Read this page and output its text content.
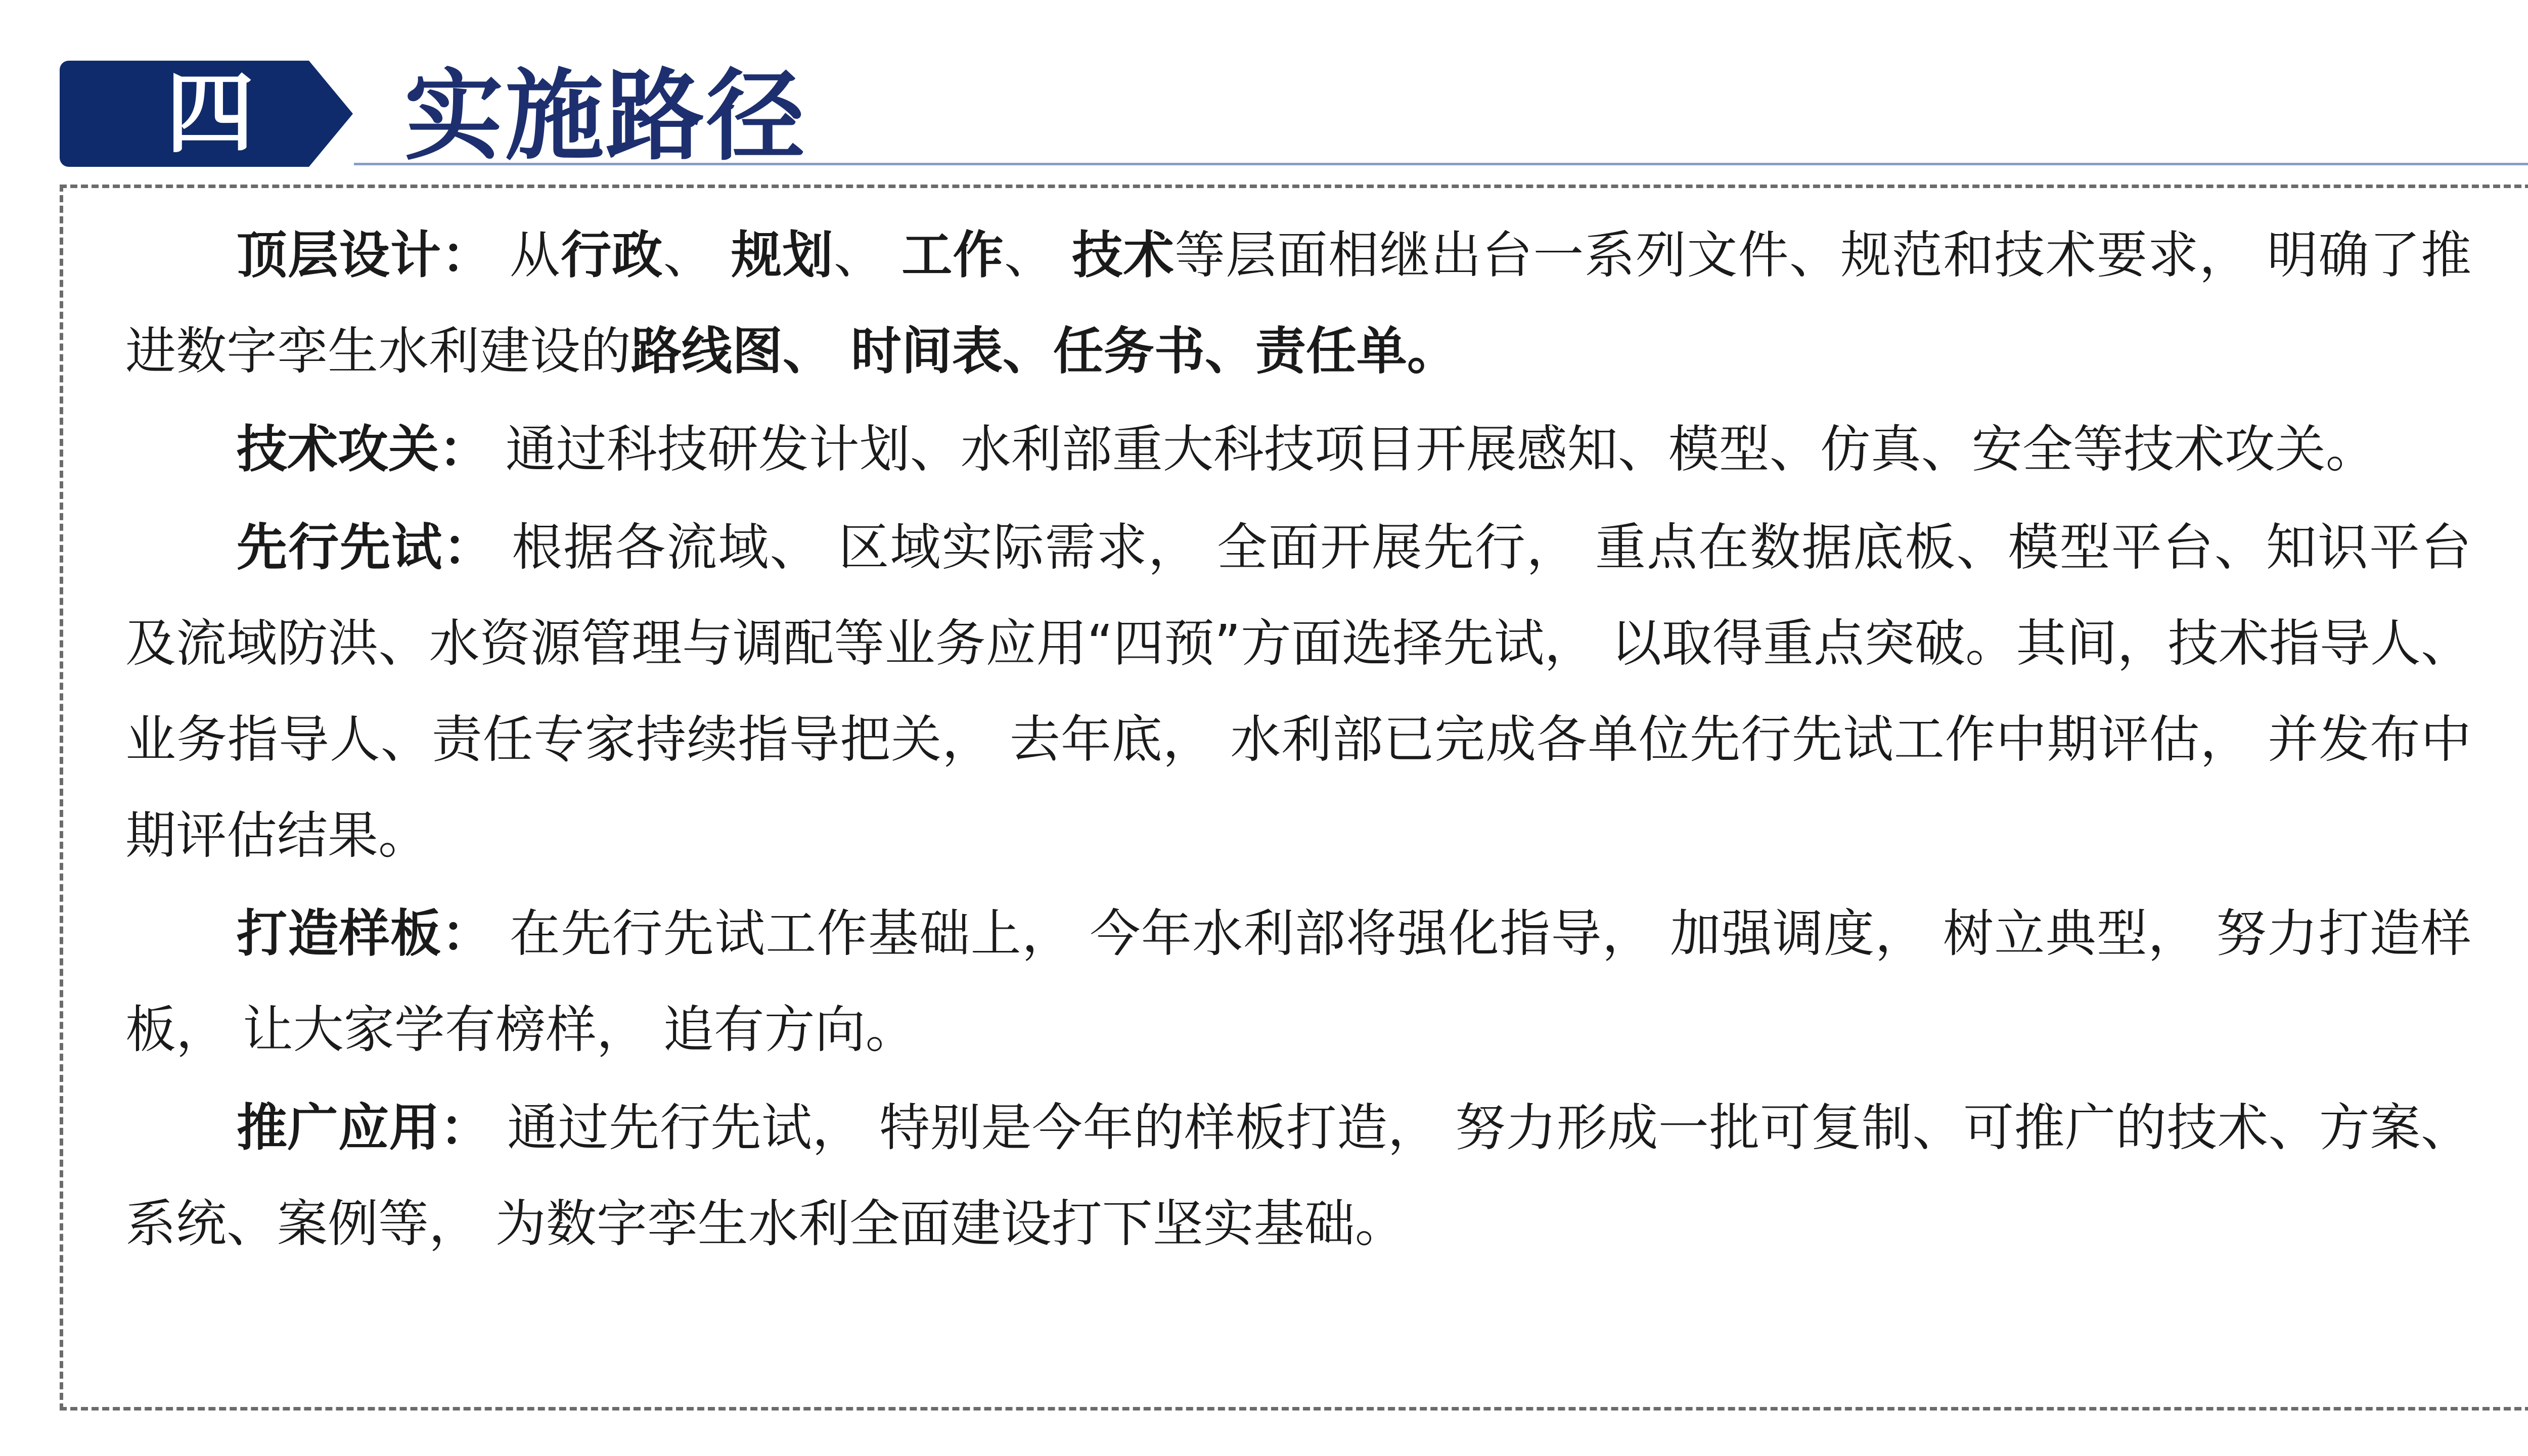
四	实施路径

顶层设计： 从行政、 规划、 工作、 技术等层面相继出台一系列文件、规范和技术要求， 明确了推进数字孪生水利建设的路线图、 时间表、任务书、责任单。

技术攻关： 通过科技研发计划、水利部重大科技项目开展感知、模型、仿真、安全等技术攻关。

先行先试： 根据各流域、 区域实际需求， 全面开展先行， 重点在数据底板、模型平台、知识平台及流域防洪、水资源管理与调配等业务应用“四预”方面选择先试， 以取得重点突破。其间，技术指导人、业务指导人、责任专家持续指导把关， 去年底， 水利部已完成各单位先行先试工作中期评估， 并发布中期评估结果。

打造样板： 在先行先试工作基础上， 今年水利部将强化指导， 加强调度， 树立典型， 努力打造样板， 让大家学有榜样， 追有方向。

推广应用： 通过先行先试， 特别是今年的样板打造， 努力形成一批可复制、可推广的技术、方案、系统、案例等， 为数字孪生水利全面建设打下坚实基础。
